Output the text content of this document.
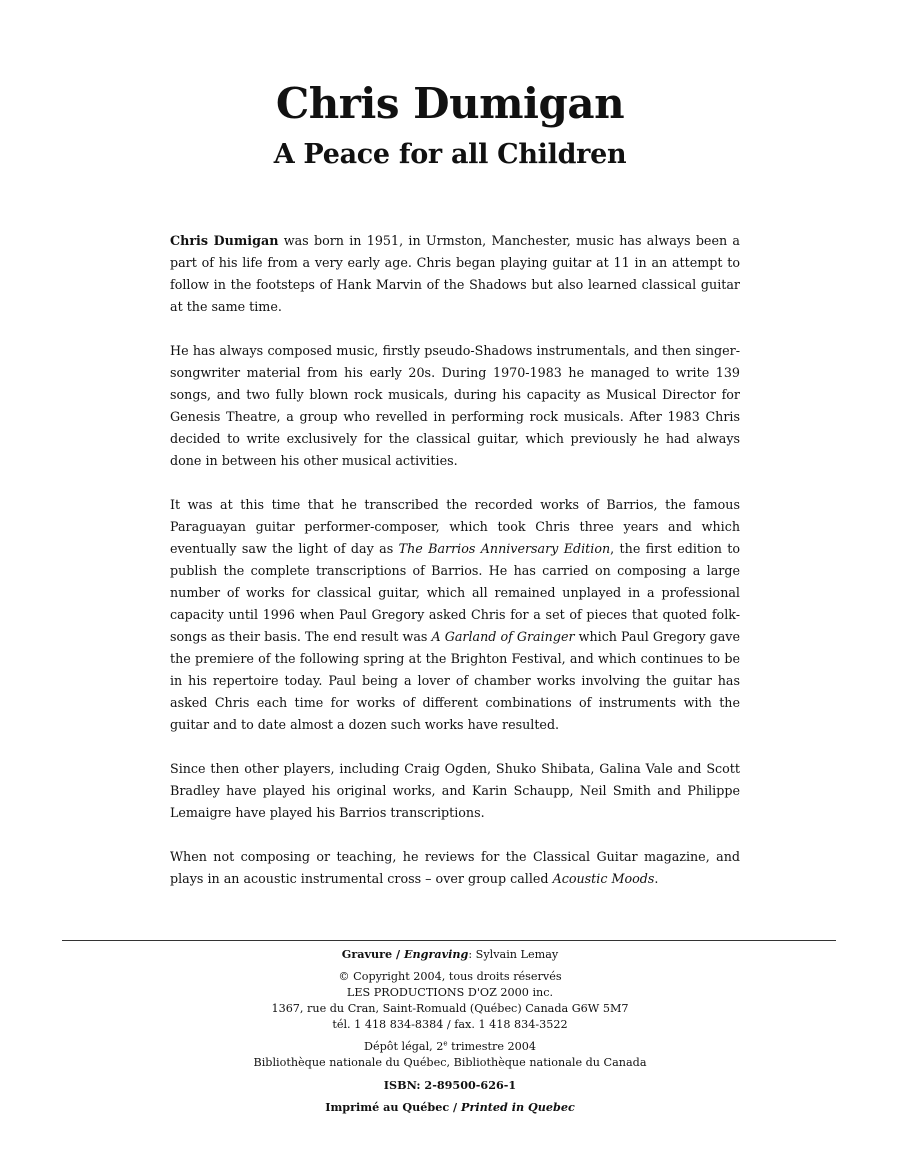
Chris Dumigan
A Peace for all Children

Chris Dumigan was born in 1951, in Urmston, Manchester, music has always been a part of his life from a very early age. Chris began playing guitar at 11 in an attempt to follow in the footsteps of Hank Marvin of the Shadows but also learned classical guitar at the same time.

He has always composed music, firstly pseudo-Shadows instrumentals, and then singer-songwriter material from his early 20s. During 1970-1983 he managed to write 139 songs, and two fully blown rock musicals, during his capacity as Musical Director for Genesis Theatre, a group who revelled in performing rock musicals. After 1983 Chris decided to write exclusively for the classical guitar, which previously he had always done in between his other musical activities.

It was at this time that he transcribed the recorded works of Barrios, the famous Paraguayan guitar performer-composer, which took Chris three years and which eventually saw the light of day as The Barrios Anniversary Edition, the first edition to publish the complete transcriptions of Barrios. He has carried on composing a large number of works for classical guitar, which all remained unplayed in a professional capacity until 1996 when Paul Gregory asked Chris for a set of pieces that quoted folk-songs as their basis. The end result was A Garland of Grainger which Paul Gregory gave the premiere of the following spring at the Brighton Festival, and which continues to be in his repertoire today. Paul being a lover of chamber works involving the guitar has asked Chris each time for works of different combinations of instruments with the guitar and to date almost a dozen such works have resulted.

Since then other players, including Craig Ogden, Shuko Shibata, Galina Vale and Scott Bradley have played his original works, and Karin Schaupp, Neil Smith and Philippe Lemaigre have played his Barrios transcriptions.

When not composing or teaching, he reviews for the Classical Guitar magazine, and plays in an acoustic instrumental cross – over group called Acoustic Moods.

Gravure / Engraving: Sylvain Lemay
© Copyright 2004, tous droits réservés
LES PRODUCTIONS D'OZ 2000 inc.
1367, rue du Cran, Saint-Romuald (Québec) Canada G6W 5M7
tél. 1 418 834-8384 / fax. 1 418 834-3522
Dépôt légal, 2e trimestre 2004
Bibliothèque nationale du Québec, Bibliothèque nationale du Canada
ISBN: 2-89500-626-1
Imprimé au Québec / Printed in Quebec
